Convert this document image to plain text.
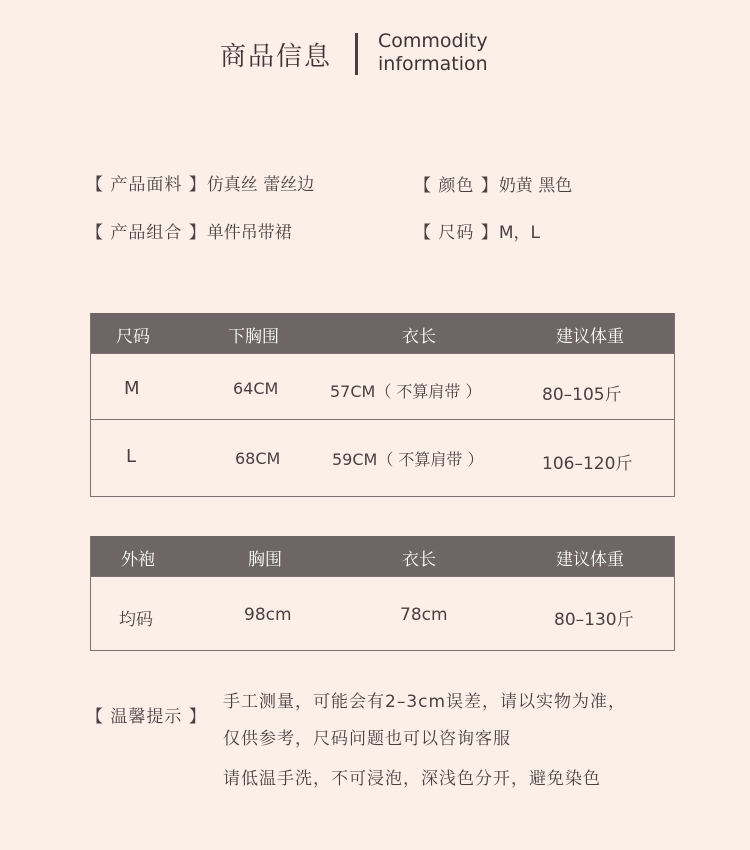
商品信息
Commodity
information
【 产品面料 】仿真丝 蕾丝边	【 颜色 】奶黄 黑色
【 产品组合 】单件吊带裙	【 尺码 】M，L
尺码	下胸围	衣长	建议体重
M	64CM	57CM（ 不算肩带 ）	80–105斤
L	68CM	59CM（ 不算肩带 ）	106–120斤
外袍	胸围	衣长	建议体重
均码	98cm	78cm	80–130斤
【 温馨提示 】
手工测量，可能会有2–3cm误差，请以实物为准，
仅供参考，尺码问题也可以咨询客服
请低温手洗，不可浸泡，深浅色分开，避免染色
